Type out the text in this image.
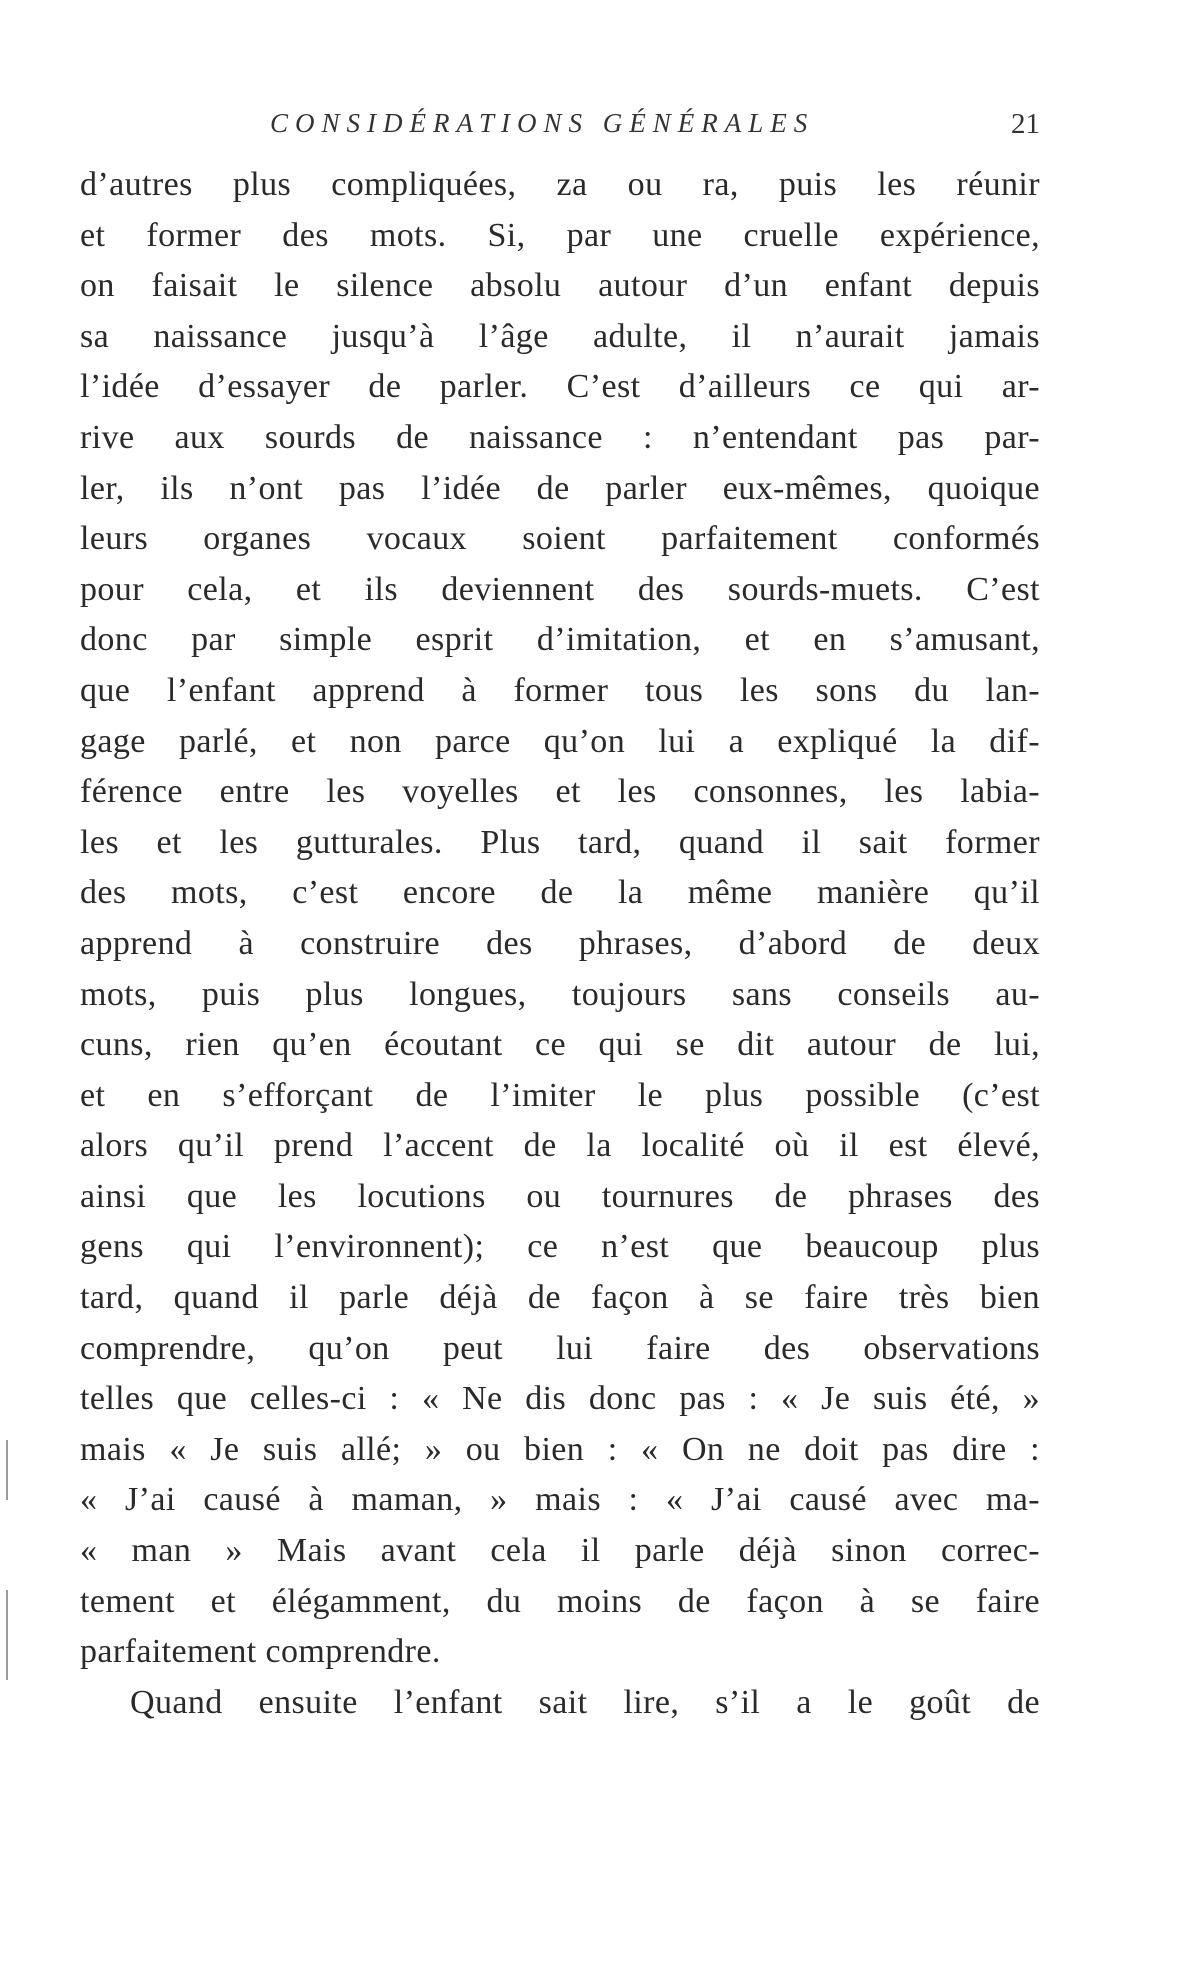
CONSIDÉRATIONS GÉNÉRALES	21
d’autres plus compliquées, za ou ra, puis les réunir
et former des mots. Si, par une cruelle expérience,
on faisait le silence absolu autour d’un enfant depuis
sa naissance jusqu’à l’âge adulte, il n’aurait jamais
l’idée d’essayer de parler. C’est d’ailleurs ce qui ar-
rive aux sourds de naissance : n’entendant pas par-
ler, ils n’ont pas l’idée de parler eux-mêmes, quoique
leurs organes vocaux soient parfaitement conformés
pour cela, et ils deviennent des sourds-muets. C’est
donc par simple esprit d’imitation, et en s’amusant,
que l’enfant apprend à former tous les sons du lan-
gage parlé, et non parce qu’on lui a expliqué la dif-
férence entre les voyelles et les consonnes, les labia-
les et les gutturales. Plus tard, quand il sait former
des mots, c’est encore de la même manière qu’il
apprend à construire des phrases, d’abord de deux
mots, puis plus longues, toujours sans conseils au-
cuns, rien qu’en écoutant ce qui se dit autour de lui,
et en s’efforçant de l’imiter le plus possible (c’est
alors qu’il prend l’accent de la localité où il est élevé,
ainsi que les locutions ou tournures de phrases des
gens qui l’environnent); ce n’est que beaucoup plus
tard, quand il parle déjà de façon à se faire très bien
comprendre, qu’on peut lui faire des observations
telles que celles-ci : « Ne dis donc pas : « Je suis été, »
mais « Je suis allé; » ou bien : « On ne doit pas dire :
« J’ai causé à maman, » mais : « J’ai causé avec ma-
« man » Mais avant cela il parle déjà sinon correc-
tement et élégamment, du moins de façon à se faire
parfaitement comprendre.
Quand ensuite l’enfant sait lire, s’il a le goût de
